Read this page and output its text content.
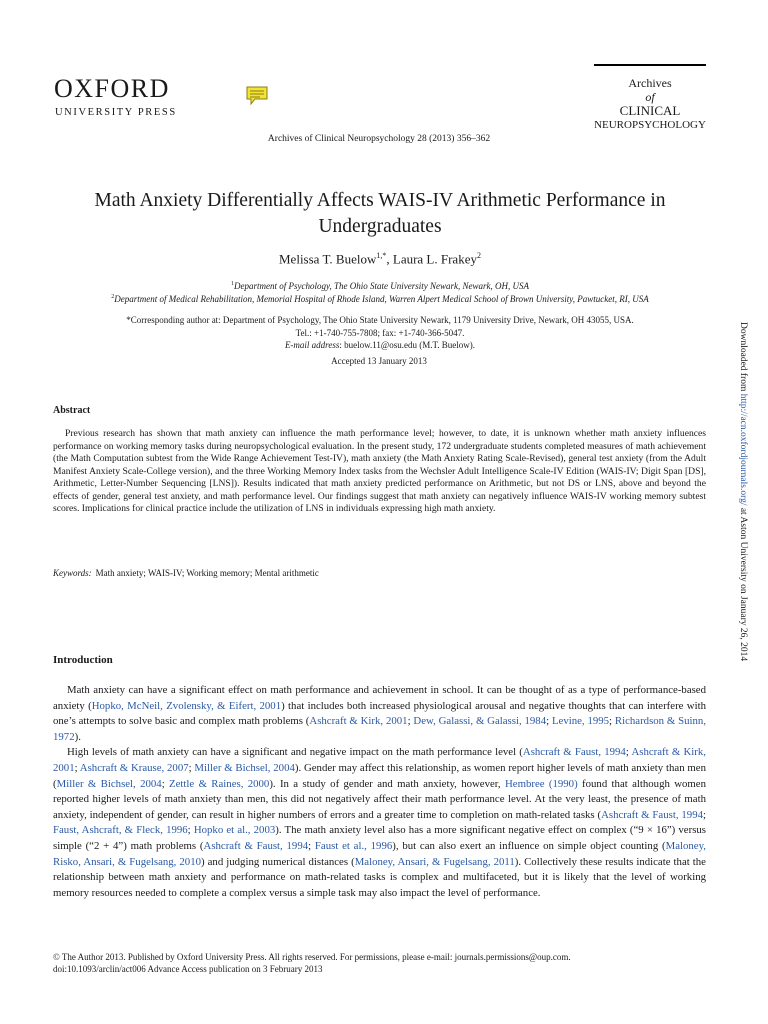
OXFORD
UNIVERSITY PRESS
Archives
of
CLINICAL
NEUROPSYCHOLOGY
Archives of Clinical Neuropsychology 28 (2013) 356–362
Math Anxiety Differentially Affects WAIS-IV Arithmetic Performance in Undergraduates
Melissa T. Buelow$^{1,*}$, Laura L. Frakey$^2$
$^1$Department of Psychology, The Ohio State University Newark, Newark, OH, USA
$^2$Department of Medical Rehabilitation, Memorial Hospital of Rhode Island, Warren Alpert Medical School of Brown University, Pawtucket, RI, USA
*Corresponding author at: Department of Psychology, The Ohio State University Newark, 1179 University Drive, Newark, OH 43055, USA.
Tel.: +1-740-755-7808; fax: +1-740-366-5047.
E-mail address: buelow.11@osu.edu (M.T. Buelow).
Accepted 13 January 2013
Abstract
Previous research has shown that math anxiety can influence the math performance level; however, to date, it is unknown whether math anxiety influences performance on working memory tasks during neuropsychological evaluation. In the present study, 172 undergraduate students completed measures of math achievement (the Math Computation subtest from the Wide Range Achievement Test-IV), math anxiety (the Math Anxiety Rating Scale-Revised), general test anxiety (from the Adult Manifest Anxiety Scale-College version), and the three Working Memory Index tasks from the Wechsler Adult Intelligence Scale-IV Edition (WAIS-IV; Digit Span [DS], Arithmetic, Letter-Number Sequencing [LNS]). Results indicated that math anxiety predicted performance on Arithmetic, but not DS or LNS, above and beyond the effects of gender, general test anxiety, and math performance level. Our findings suggest that math anxiety can negatively influence WAIS-IV working memory subtest scores. Implications for clinical practice include the utilization of LNS in individuals expressing high math anxiety.
Keywords: Math anxiety; WAIS-IV; Working memory; Mental arithmetic
Introduction

Math anxiety can have a significant effect on math performance and achievement in school. It can be thought of as a type of performance-based anxiety (Hopko, McNeil, Zvolensky, & Eifert, 2001) that includes both increased physiological arousal and negative thoughts that can interfere with one’s attempts to solve basic and complex math problems (Ashcraft & Kirk, 2001; Dew, Galassi, & Galassi, 1984; Levine, 1995; Richardson & Suinn, 1972).

High levels of math anxiety can have a significant and negative impact on the math performance level (Ashcraft & Faust, 1994; Ashcraft & Kirk, 2001; Ashcraft & Krause, 2007; Miller & Bichsel, 2004). Gender may affect this relationship, as women report higher levels of math anxiety than men (Miller & Bichsel, 2004; Zettle & Raines, 2000). In a study of gender and math anxiety, however, Hembree (1990) found that although women reported higher levels of math anxiety than men, this did not negatively affect their math performance level. At the very least, the presence of math anxiety, independent of gender, can result in higher numbers of errors and a greater time to completion on math-related tasks (Ashcraft & Faust, 1994; Faust, Ashcraft, & Fleck, 1996; Hopko et al., 2003). The math anxiety level also has a more significant negative effect on complex (“9 × 16”) versus simple (“2 + 4”) math problems (Ashcraft & Faust, 1994; Faust et al., 1996), but can also exert an influence on simple object counting (Maloney, Risko, Ansari, & Fugelsang, 2010) and judging numerical distances (Maloney, Ansari, & Fugelsang, 2011). Collectively these results indicate that the relationship between math anxiety and performance on math-related tasks is complex and multifaceted, but it is likely that the level of working memory resources needed to complete a complex versus a simple task may also impact the level of performance.

© The Author 2013. Published by Oxford University Press. All rights reserved. For permissions, please e-mail: journals.permissions@oup.com.
doi:10.1093/arclin/act006 Advance Access publication on 3 February 2013
Downloaded from http://acn.oxfordjournals.org/ at Aston University on January 26, 2014
